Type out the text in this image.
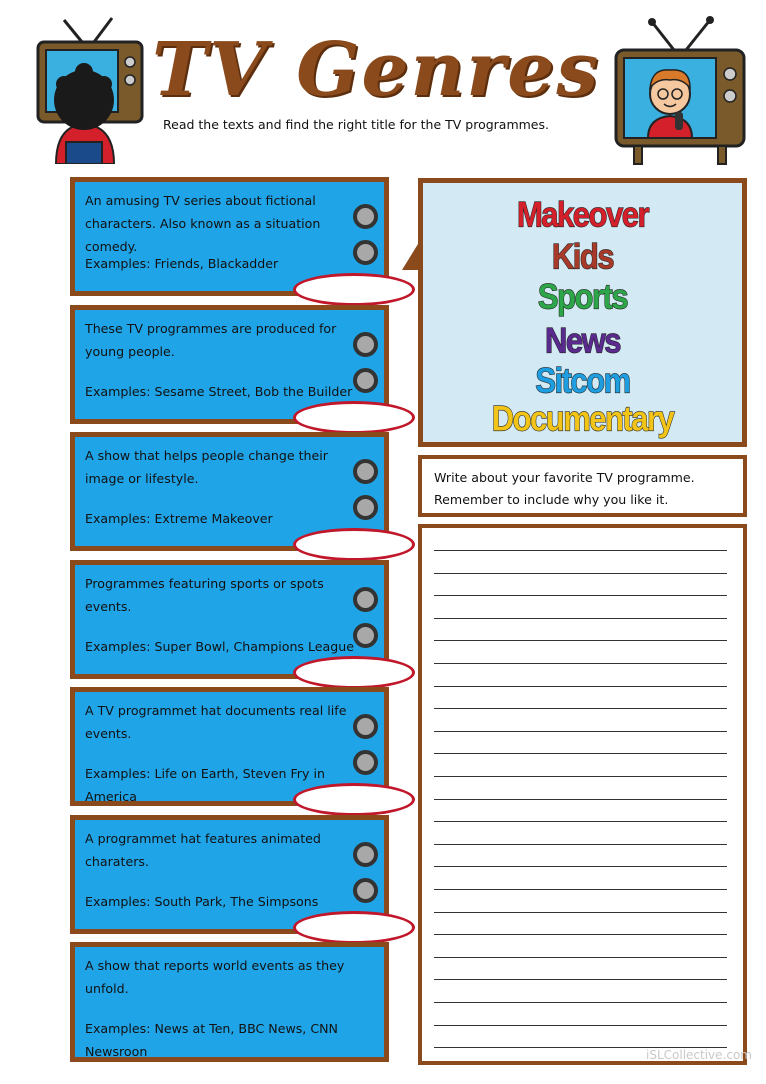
TV Genres
Read the texts and find the right title for the TV programmes.
An amusing TV series about fictional characters. Also known as a situation comedy.
Examples: Friends, Blackadder
These TV programmes are produced for young people.
Examples: Sesame Street, Bob the Builder
A show that helps people change their image or lifestyle.
Examples: Extreme Makeover
Programmes featuring sports or spots events.
Examples: Super Bowl, Champions League
A TV programmet hat documents real life events.
Examples: Life on Earth, Steven Fry in America
A programmet hat features animated charaters.
Examples: South Park, The Simpsons
A show that reports world events as they unfold.
Examples: News at Ten, BBC News, CNN Newsroon
Makeover
Kids
Sports
News
Sitcom
Documentary
Write about your favorite TV programme.
Remember to include why you like it.
iSLCollective.com
